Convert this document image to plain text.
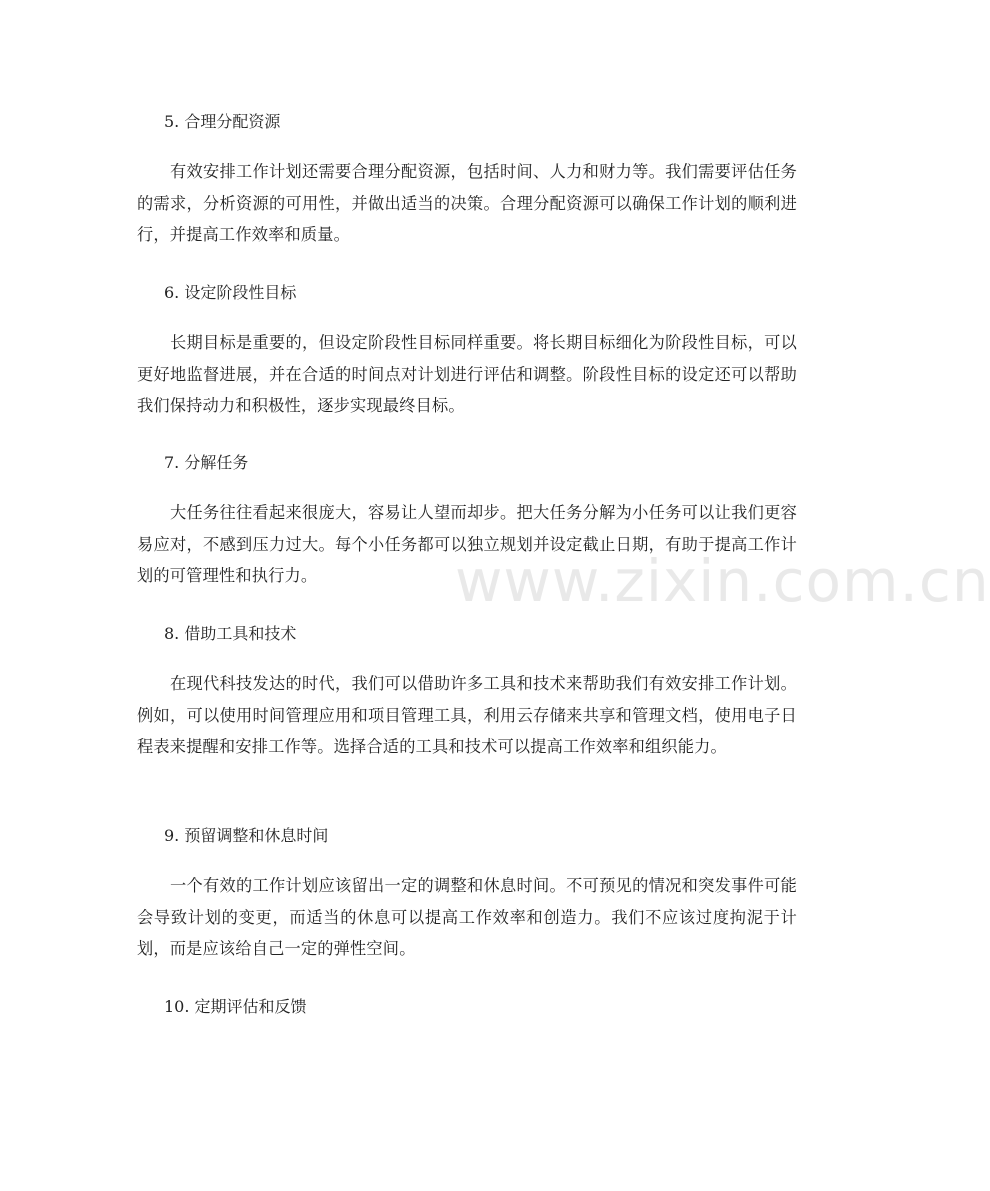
www.zixin.com.cn
5. 合理分配资源
有效安排工作计划还需要合理分配资源，包括时间、人力和财力等。我们需要评估任务的需求，分析资源的可用性，并做出适当的决策。合理分配资源可以确保工作计划的顺利进行，并提高工作效率和质量。
6. 设定阶段性目标
长期目标是重要的，但设定阶段性目标同样重要。将长期目标细化为阶段性目标，可以更好地监督进展，并在合适的时间点对计划进行评估和调整。阶段性目标的设定还可以帮助我们保持动力和积极性，逐步实现最终目标。
7. 分解任务
大任务往往看起来很庞大，容易让人望而却步。把大任务分解为小任务可以让我们更容易应对，不感到压力过大。每个小任务都可以独立规划并设定截止日期，有助于提高工作计划的可管理性和执行力。
8. 借助工具和技术
在现代科技发达的时代，我们可以借助许多工具和技术来帮助我们有效安排工作计划。例如，可以使用时间管理应用和项目管理工具，利用云存储来共享和管理文档，使用电子日程表来提醒和安排工作等。选择合适的工具和技术可以提高工作效率和组织能力。
9. 预留调整和休息时间
一个有效的工作计划应该留出一定的调整和休息时间。不可预见的情况和突发事件可能会导致计划的变更，而适当的休息可以提高工作效率和创造力。我们不应该过度拘泥于计划，而是应该给自己一定的弹性空间。
10. 定期评估和反馈
